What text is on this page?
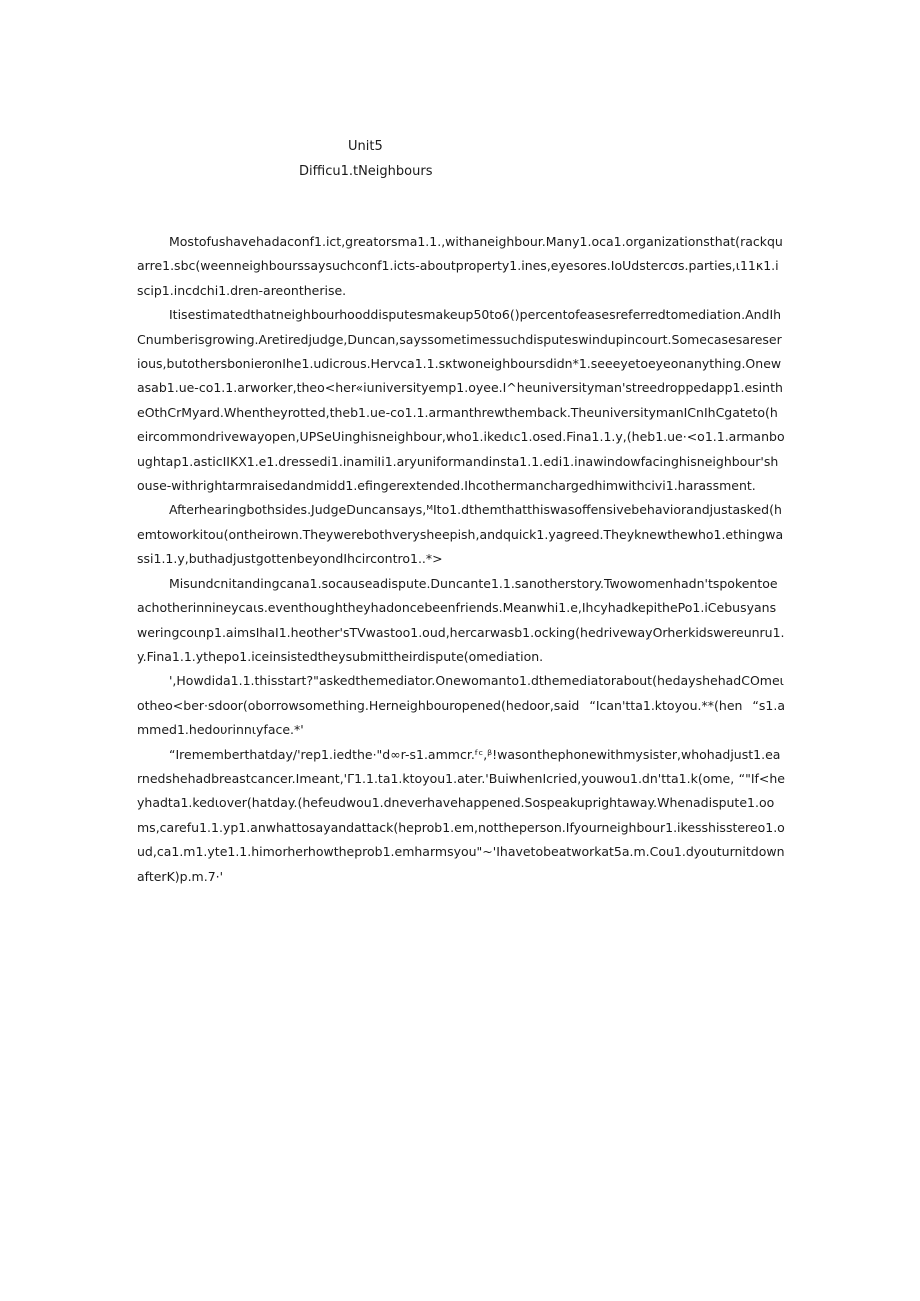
Unit5
Difficu1.tNeighbours

Mostofushavehadaconf1.ict,greatorsma1.1.,withaneighbour.Many1.oca1.organizationsthat(rackquarre1.sbc(weenneighbourssaysuchconf1.icts-aboutproperty1.ines,eyesores.IoUdstercσs.parties,ι11κ1.iscip1.incdchi1.dren-areontherise.

Itisestimatedthatneighbourhooddisputesmakeup50to6()percentofeasesreferredtomediation.AndIhCnumberisgrowing.Aretiredjudge,Duncan,sayssometimessuchdisputeswindupincourt.Somecasesareserious,butothersbonieronIhe1.udicrous.Hervca1.1.sκtwoneighboursdidn*1.seeeyetoeyeonanything.Onewasab1.ue-co1.1.arworker,theo<her«iuniversityemp1.oyee.I^heuniversityman'streedroppedapp1.esintheOthCrMyard.Whentheyrotted,theb1.ue-co1.1.armanthrewthemback.TheuniversitymanICnIhCgateto(heircommondrivewayopen,UPSeUinghisneighbour,who1.ikedιc1.osed.Fina1.1.y,(heb1.ue·<o1.1.armanboughtap1.asticIIKX1.e1.dressedi1.inamiIi1.aryuniformandinsta1.1.edi1.inawindowfacinghisneighbour'shouse-withrightarmraisedandmidd1.efingerextended.Ihcothermanchargedhimwithcivi1.harassment.

Afterhearingbothsides.JudgeDuncansays,ᴹIto1.dthemthatthiswasoffensivebehaviorandjustasked(hemtoworkitou(ontheirown.Theywerebothverysheepish,andquick1.yagreed.Theyknewthewho1.ethingwassi1.1.y,buthadjustgottenbeyondIhcircontro1..*>

Misundcnitandingcana1.socauseadispute.Duncante1.1.sanotherstory.Twowomenhadn'tspokentoeachotherinnineycaιs.eventhoughtheyhadoncebeenfriends.Meanwhi1.e,IhcyhadkepithePo1.iCebusyansweringcoιnp1.aimsIhaI1.heother'sTVwastoo1.oud,hercarwasb1.ocking(hedrivewayOrherkidswereunru1.y.Fina1.1.ythepo1.iceinsistedtheysubmittheirdispute(omediation.

',Howdida1.1.thisstart?"askedthemediator.Onewomanto1.dthemediatorabout(hedayshehadCOmeιotheo<ber·sdoor(oborrowsomething.Herneighbouropened(hedoor,said “Ican'tta1.ktoyou.**(hen “s1.ammed1.hedoυrinnιyface.*'

“Irememberthatday/'rep1.iedthe·"d∞r-s1.ammcr.ᶠᶜ‚ᵝ!wasonthephonewithmysister,whohadjust1.earnedshehadbreastcancer.Imeant,'Γ1.1.ta1.ktoyou1.ater.'BuiwhenIcried,youwou1.dn'tta1.k(ome, “"If<heyhadta1.kedιover(hatday.(hefeudwou1.dneverhavehappened.Sospeakuprightaway.Whenadispute1.ooms,carefu1.1.yp1.anwhattosayandattack(heprob1.em,notthepersοn.Ifyourneighbour1.ikesshisstereo1.oud,ca1.m1.yte1.1.himorherhowtheprob1.emharmsyou"~'Ihavetobeatworkat5a.m.Cou1.dyouturnitdownafterK)p.m.7·'
